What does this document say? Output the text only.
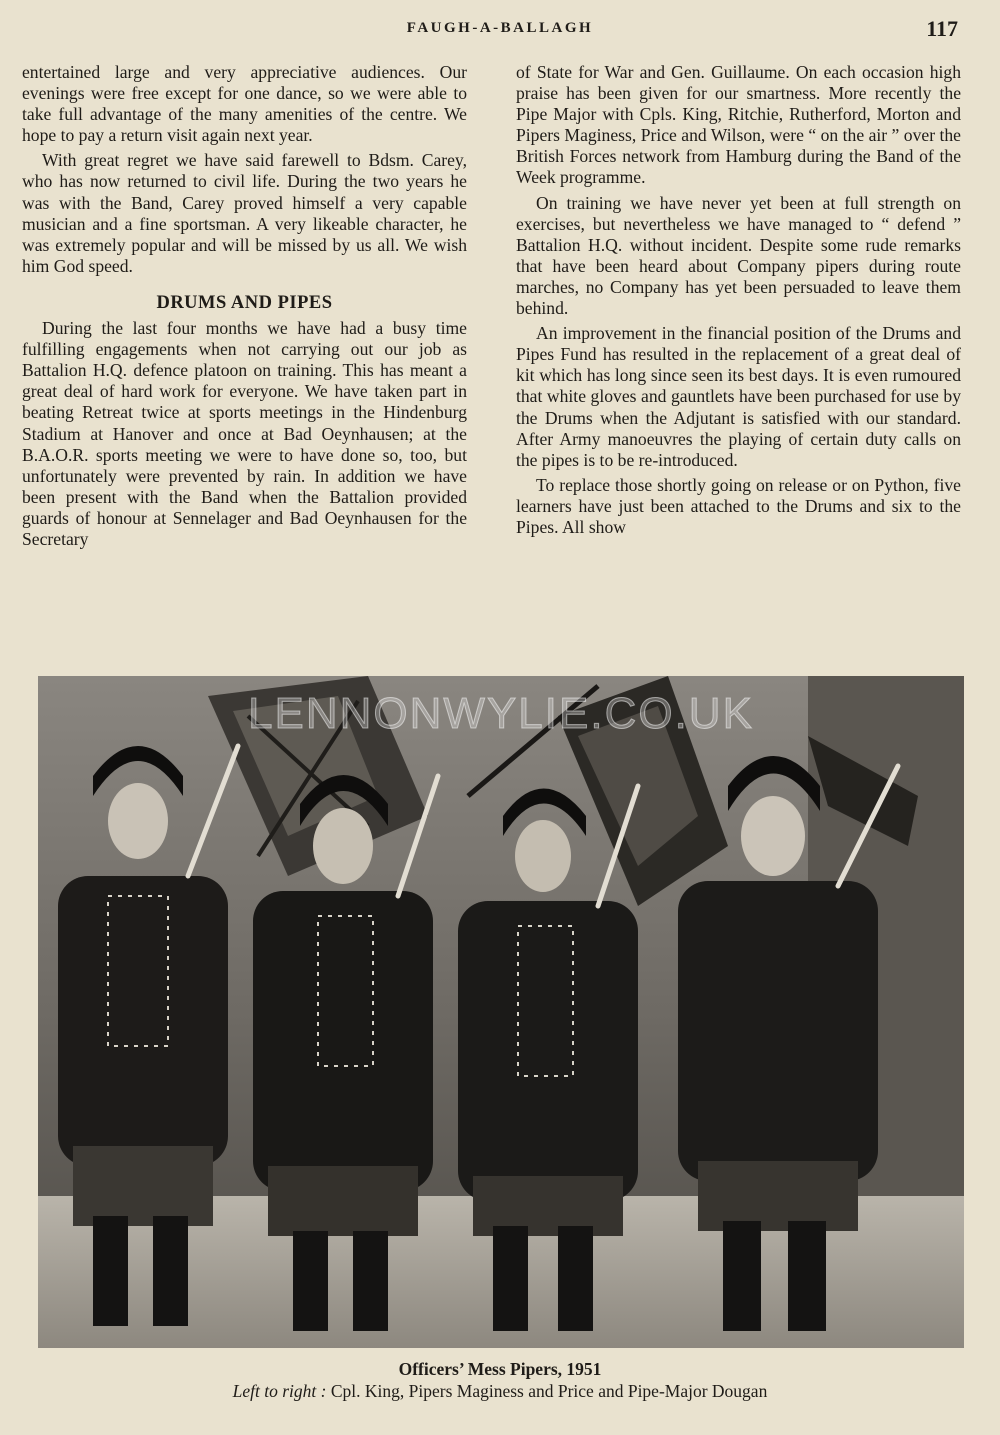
FAUGH-A-BALLAGH	117

entertained large and very appreciative audiences. Our evenings were free except for one dance, so we were able to take full advantage of the many amenities of the centre. We hope to pay a return visit again next year.

With great regret we have said farewell to Bdsm. Carey, who has now returned to civil life. During the two years he was with the Band, Carey proved himself a very capable musician and a fine sportsman. A very likeable character, he was extremely popular and will be missed by us all. We wish him God speed.

DRUMS AND PIPES

During the last four months we have had a busy time fulfilling engagements when not carrying out our job as Battalion H.Q. defence platoon on training. This has meant a great deal of hard work for everyone. We have taken part in beating Retreat twice at sports meetings in the Hindenburg Stadium at Hanover and once at Bad Oeynhausen; at the B.A.O.R. sports meeting we were to have done so, too, but unfortunately were prevented by rain. In addition we have been present with the Band when the Battalion provided guards of honour at Sennelager and Bad Oeynhausen for the Secretary

of State for War and Gen. Guillaume. On each occasion high praise has been given for our smartness. More recently the Pipe Major with Cpls. King, Ritchie, Rutherford, Morton and Pipers Maginess, Price and Wilson, were “ on the air ” over the British Forces network from Hamburg during the Band of the Week programme.

On training we have never yet been at full strength on exercises, but nevertheless we have managed to “ defend ” Battalion H.Q. without incident. Despite some rude remarks that have been heard about Company pipers during route marches, no Company has yet been persuaded to leave them behind.

An improvement in the financial position of the Drums and Pipes Fund has resulted in the replacement of a great deal of kit which has long since seen its best days. It is even rumoured that white gloves and gauntlets have been purchased for use by the Drums when the Adjutant is satisfied with our standard. After Army manoeuvres the playing of certain duty calls on the pipes is to be re-introduced.

To replace those shortly going on release or on Python, five learners have just been attached to the Drums and six to the Pipes. All show

LENNONWYLIE.CO.UK
Officers’ Mess Pipers, 1951
Left to right : Cpl. King, Pipers Maginess and Price and Pipe-Major Dougan
